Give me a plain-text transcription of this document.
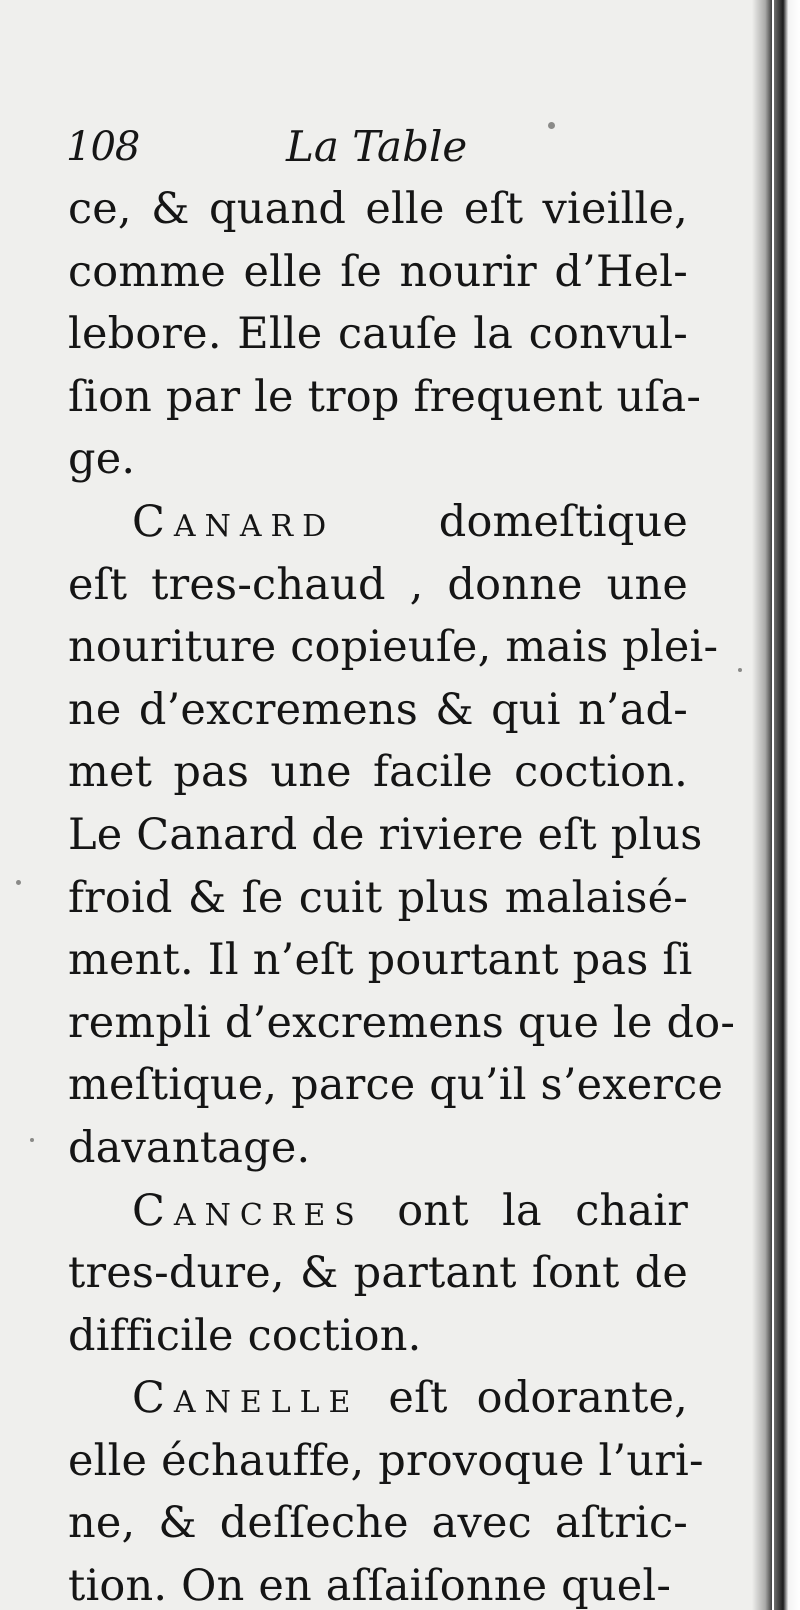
108	La Table
ce, & quand elle eſt vieille,
comme elle ſe nourir d’Hel-
lebore. Elle cauſe la convul-
ſion par le trop frequent uſa-
ge.
Canard domeſtique
eſt tres-chaud , donne une
nouriture copieuſe, mais plei-
ne d’excremens & qui n’ad-
met pas une facile coction.
Le Canard de riviere eſt plus
froid & ſe cuit plus malaisé-
ment. Il n’eſt pourtant pas ſi
rempli d’excremens que le do-
meſtique, parce qu’il s’exerce
davantage.
Cancres ont la chair
tres-dure, & partant ſont de
difficile coction.
Canelle eſt odorante,
elle échauffe, provoque l’uri-
ne, & deſſeche avec aſtric-
tion. On en aſſaiſonne quel-
